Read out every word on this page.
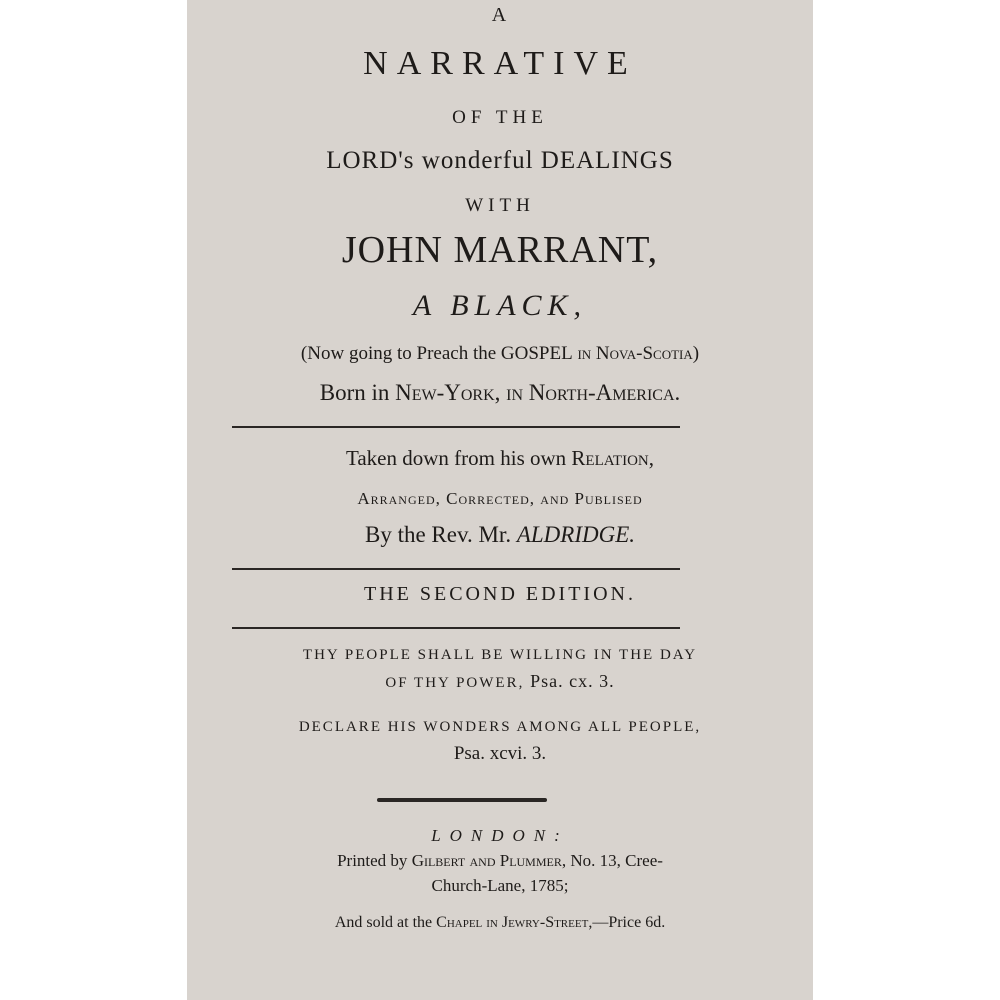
A
NARRATIVE
OF THE
LORD's wonderful DEALINGS
WITH
JOHN MARRANT,
A BLACK,
(Now going to Preach the GOSPEL in Nova-Scotia)
Born in New-York, in North-America.
Taken down from his own Relation,
Arranged, Corrected, and Publised
By the Rev. Mr. ALDRIDGE.
THE SECOND EDITION.
THY PEOPLE SHALL BE WILLING IN THE DAY
OF THY POWER, Psa. cx. 3.
DECLARE HIS WONDERS AMONG ALL PEOPLE,
Psa. xcvi. 3.
LONDON:
Printed by Gilbert and Plummer, No. 13, Cree-
Church-Lane, 1785;
And sold at the Chapel in Jewry-Street,—Price 6d.
